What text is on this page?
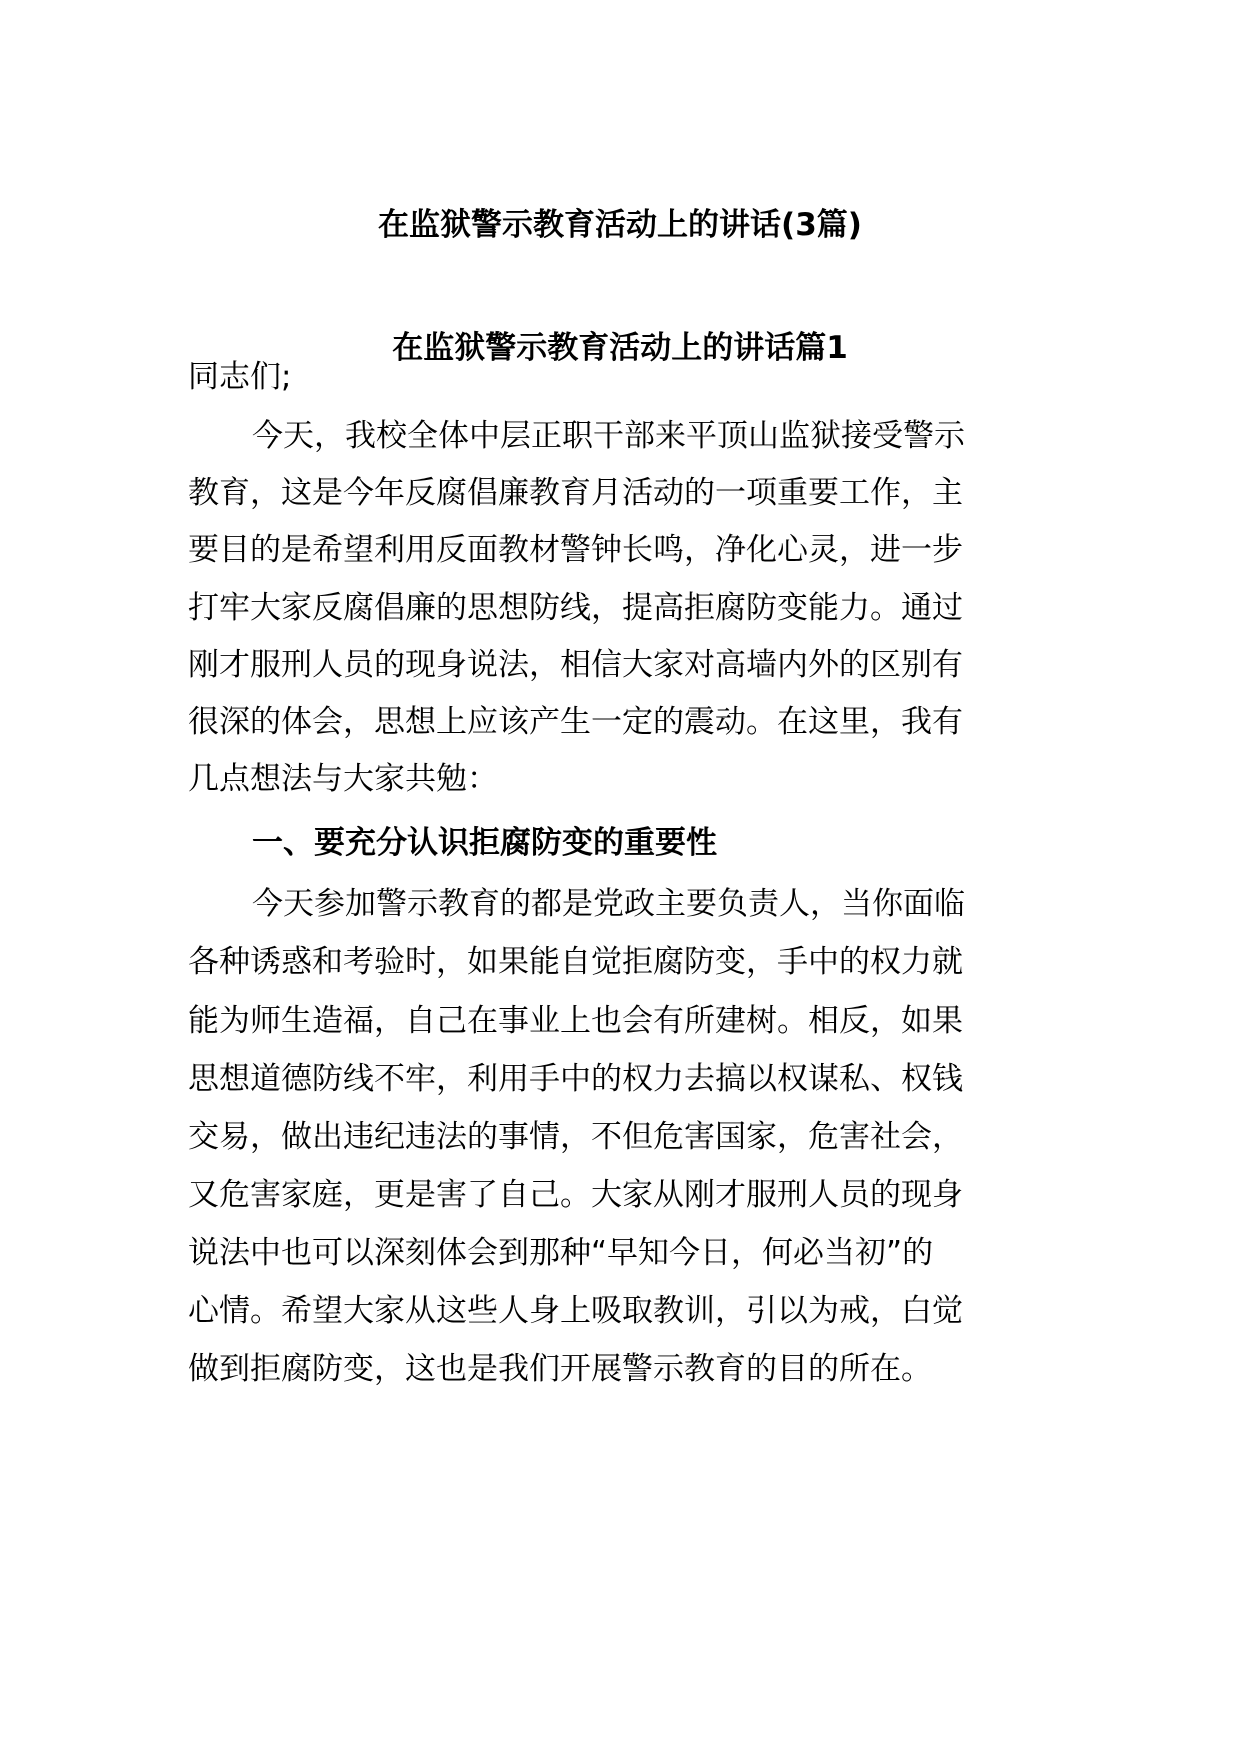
在监狱警示教育活动上的讲话(3篇)
在监狱警示教育活动上的讲话篇1
同志们;
今天，我校全体中层正职干部来平顶山监狱接受警示
教育，这是今年反腐倡廉教育月活动的一项重要工作，主
要目的是希望利用反面教材警钟长鸣，净化心灵，进一步
打牢大家反腐倡廉的思想防线，提高拒腐防变能力。通过
刚才服刑人员的现身说法，相信大家对高墙内外的区别有
很深的体会，思想上应该产生一定的震动。在这里，我有
几点想法与大家共勉：
一、要充分认识拒腐防变的重要性
今天参加警示教育的都是党政主要负责人，当你面临
各种诱惑和考验时，如果能自觉拒腐防变，手中的权力就
能为师生造福，自己在事业上也会有所建树。相反，如果
思想道德防线不牢，利用手中的权力去搞以权谋私、权钱
交易，做出违纪违法的事情，不但危害国家，危害社会，
又危害家庭，更是害了自己。大家从刚才服刑人员的现身
说法中也可以深刻体会到那种“早知今日，何必当初”的
心情。希望大家从这些人身上吸取教训，引以为戒，白觉
做到拒腐防变，这也是我们开展警示教育的目的所在。
